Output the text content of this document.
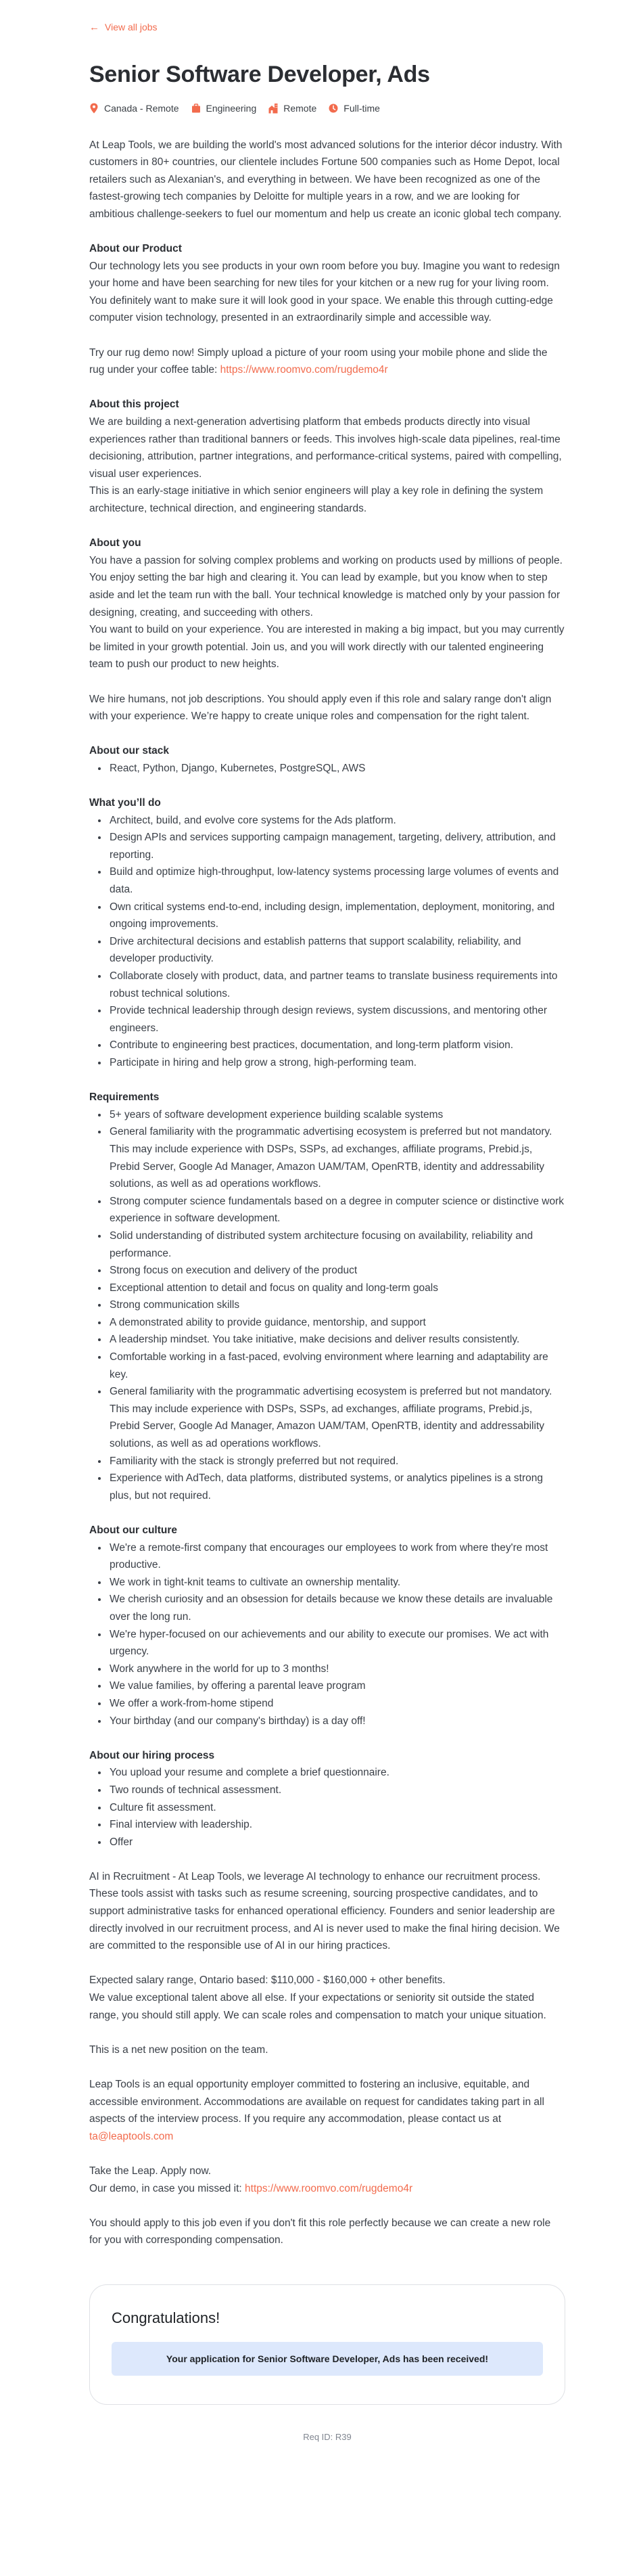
← View all jobs
Senior Software Developer, Ads
Canada - Remote	Engineering	Remote	Full-time

At Leap Tools, we are building the world's most advanced solutions for the interior décor industry. With customers in 80+ countries, our clientele includes Fortune 500 companies such as Home Depot, local retailers such as Alexanian's, and everything in between. We have been recognized as one of the fastest-growing tech companies by Deloitte for multiple years in a row, and we are looking for ambitious challenge-seekers to fuel our momentum and help us create an iconic global tech company.

About our Product

Our technology lets you see products in your own room before you buy. Imagine you want to redesign your home and have been searching for new tiles for your kitchen or a new rug for your living room. You definitely want to make sure it will look good in your space. We enable this through cutting-edge computer vision technology, presented in an extraordinarily simple and accessible way.

Try our rug demo now! Simply upload a picture of your room using your mobile phone and slide the rug under your coffee table: https://www.roomvo.com/rugdemo4r

About this project

We are building a next-generation advertising platform that embeds products directly into visual experiences rather than traditional banners or feeds. This involves high-scale data pipelines, real-time decisioning, attribution, partner integrations, and performance-critical systems, paired with compelling, visual user experiences.

This is an early-stage initiative in which senior engineers will play a key role in defining the system architecture, technical direction, and engineering standards.

About you

You have a passion for solving complex problems and working on products used by millions of people. You enjoy setting the bar high and clearing it. You can lead by example, but you know when to step aside and let the team run with the ball. Your technical knowledge is matched only by your passion for designing, creating, and succeeding with others.

You want to build on your experience. You are interested in making a big impact, but you may currently be limited in your growth potential. Join us, and you will work directly with our talented engineering team to push our product to new heights.

We hire humans, not job descriptions. You should apply even if this role and salary range don't align with your experience. We’re happy to create unique roles and compensation for the right talent.

About our stack

• React, Python, Django, Kubernetes, PostgreSQL, AWS

What you’ll do

• Architect, build, and evolve core systems for the Ads platform.
• Design APIs and services supporting campaign management, targeting, delivery, attribution, and reporting.
• Build and optimize high-throughput, low-latency systems processing large volumes of events and data.
• Own critical systems end-to-end, including design, implementation, deployment, monitoring, and ongoing improvements.
• Drive architectural decisions and establish patterns that support scalability, reliability, and developer productivity.
• Collaborate closely with product, data, and partner teams to translate business requirements into robust technical solutions.
• Provide technical leadership through design reviews, system discussions, and mentoring other engineers.
• Contribute to engineering best practices, documentation, and long-term platform vision.
• Participate in hiring and help grow a strong, high-performing team.

Requirements

• 5+ years of software development experience building scalable systems
• General familiarity with the programmatic advertising ecosystem is preferred but not mandatory. This may include experience with DSPs, SSPs, ad exchanges, affiliate programs, Prebid.js, Prebid Server, Google Ad Manager, Amazon UAM/TAM, OpenRTB, identity and addressability solutions, as well as ad operations workflows.
• Strong computer science fundamentals based on a degree in computer science or distinctive work experience in software development.
• Solid understanding of distributed system architecture focusing on availability, reliability and performance.
• Strong focus on execution and delivery of the product
• Exceptional attention to detail and focus on quality and long-term goals
• Strong communication skills
• A demonstrated ability to provide guidance, mentorship, and support
• A leadership mindset. You take initiative, make decisions and deliver results consistently.
• Comfortable working in a fast-paced, evolving environment where learning and adaptability are key.
• General familiarity with the programmatic advertising ecosystem is preferred but not mandatory. This may include experience with DSPs, SSPs, ad exchanges, affiliate programs, Prebid.js, Prebid Server, Google Ad Manager, Amazon UAM/TAM, OpenRTB, identity and addressability solutions, as well as ad operations workflows.
• Familiarity with the stack is strongly preferred but not required.
• Experience with AdTech, data platforms, distributed systems, or analytics pipelines is a strong plus, but not required.

About our culture

• We're a remote-first company that encourages our employees to work from where they're most productive.
• We work in tight-knit teams to cultivate an ownership mentality.
• We cherish curiosity and an obsession for details because we know these details are invaluable over the long run.
• We're hyper-focused on our achievements and our ability to execute our promises. We act with urgency.
• Work anywhere in the world for up to 3 months!
• We value families, by offering a parental leave program
• We offer a work-from-home stipend
• Your birthday (and our company's birthday) is a day off!

About our hiring process

• You upload your resume and complete a brief questionnaire.
• Two rounds of technical assessment.
• Culture fit assessment.
• Final interview with leadership.
• Offer

AI in Recruitment - At Leap Tools, we leverage AI technology to enhance our recruitment process. These tools assist with tasks such as resume screening, sourcing prospective candidates, and to support administrative tasks for enhanced operational efficiency. Founders and senior leadership are directly involved in our recruitment process, and AI is never used to make the final hiring decision. We are committed to the responsible use of AI in our hiring practices.

Expected salary range, Ontario based: $110,000 - $160,000 + other benefits.

We value exceptional talent above all else. If your expectations or seniority sit outside the stated range, you should still apply. We can scale roles and compensation to match your unique situation.

This is a net new position on the team.

Leap Tools is an equal opportunity employer committed to fostering an inclusive, equitable, and accessible environment. Accommodations are available on request for candidates taking part in all aspects of the interview process. If you require any accommodation, please contact us at ta@leaptools.com

Take the Leap. Apply now.

Our demo, in case you missed it: https://www.roomvo.com/rugdemo4r

You should apply to this job even if you don't fit this role perfectly because we can create a new role for you with corresponding compensation.

Congratulations!
Your application for Senior Software Developer, Ads has been received!
Req ID: R39
